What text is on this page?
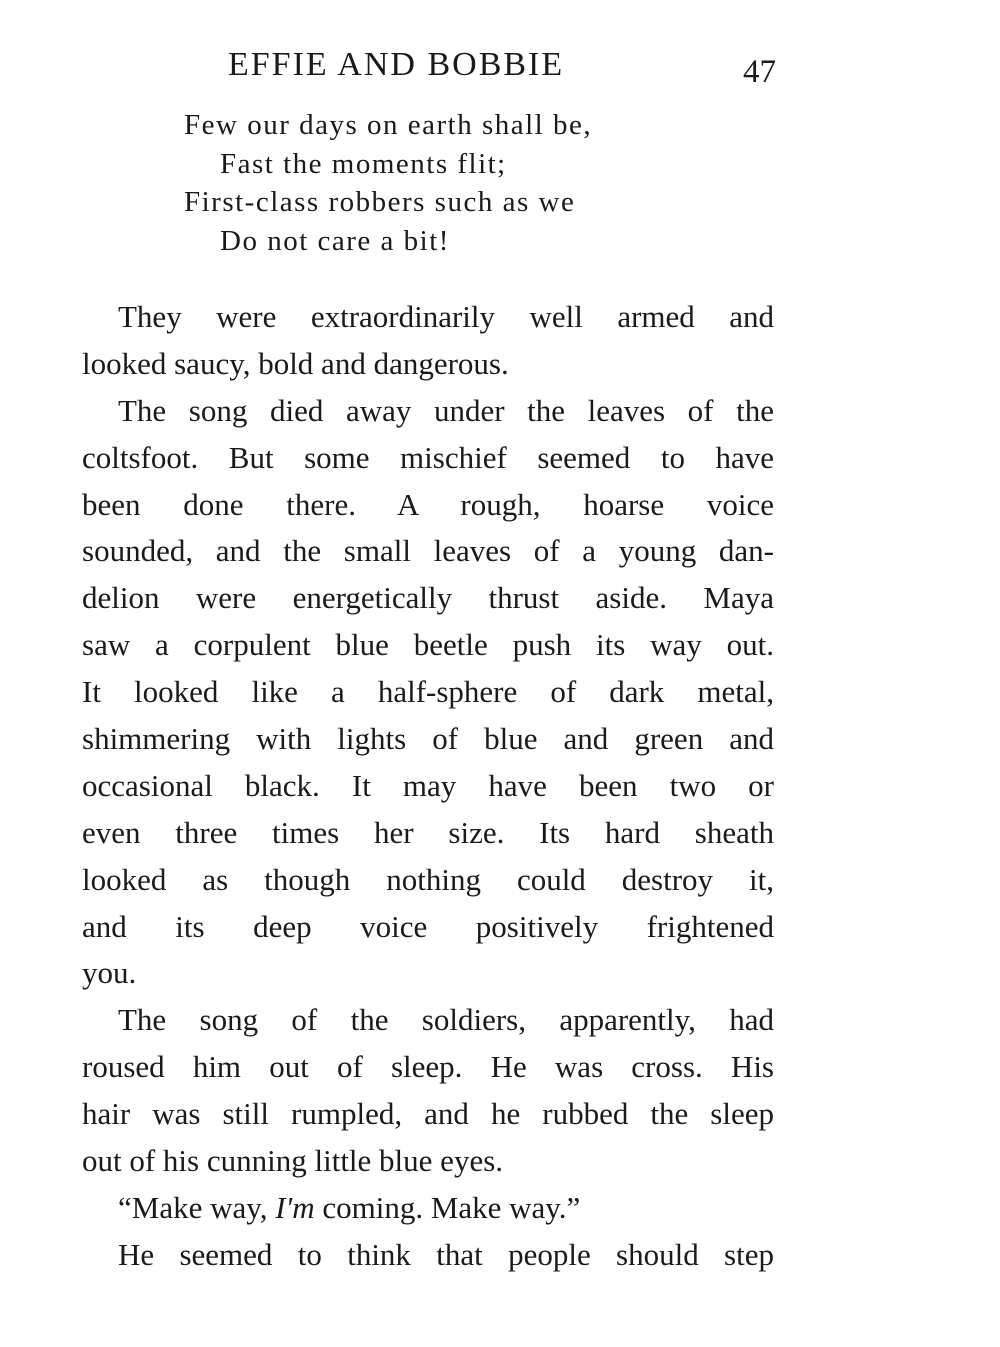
EFFIE AND BOBBIE	47
Few our days on earth shall be,
Fast the moments flit;
First-class robbers such as we
Do not care a bit!
They were extraordinarily well armed and
looked saucy, bold and dangerous.
The song died away under the leaves of the
coltsfoot. But some mischief seemed to have
been done there. A rough, hoarse voice
sounded, and the small leaves of a young dan-
delion were energetically thrust aside. Maya
saw a corpulent blue beetle push its way out.
It looked like a half-sphere of dark metal,
shimmering with lights of blue and green and
occasional black. It may have been two or
even three times her size. Its hard sheath
looked as though nothing could destroy it,
and its deep voice positively frightened
you.
The song of the soldiers, apparently, had
roused him out of sleep. He was cross. His
hair was still rumpled, and he rubbed the sleep
out of his cunning little blue eyes.
“Make way, I'm coming. Make way.”
He seemed to think that people should step
